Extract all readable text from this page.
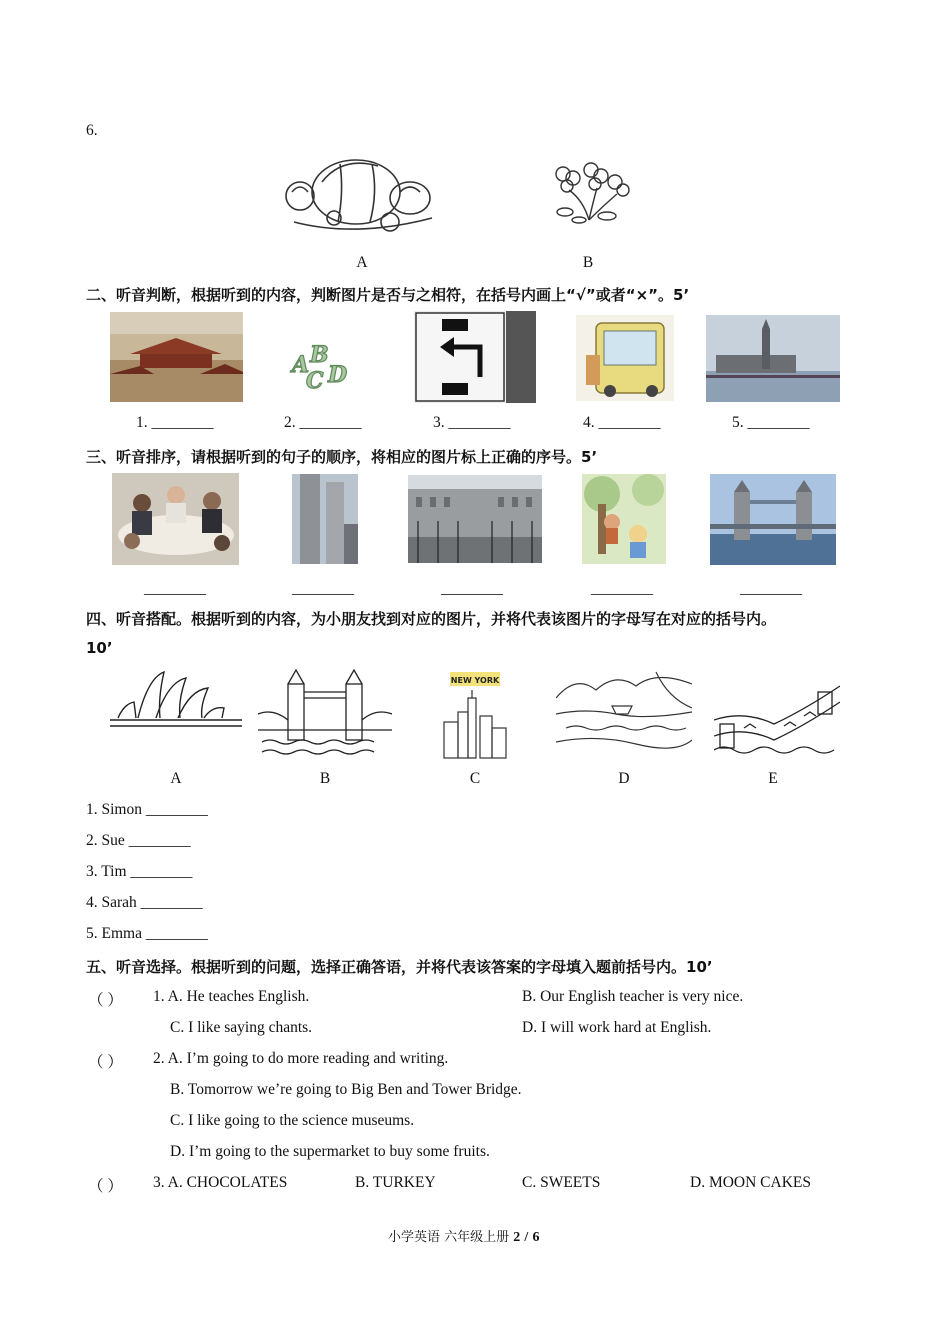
6.
A	B
二、听音判断，根据听到的内容，判断图片是否与之相符，在括号内画上“√”或者“×”。5’
A B
C D
1. ________	2. ________	3. ________	4. ________	5. ________
三、听音排序，请根据听到的句子的顺序，将相应的图片标上正确的序号。5’
________	________	________	________	________
四、听音搭配。根据听到的内容，为小朋友找到对应的图片，并将代表该图片的字母写在对应的括号内。
10’
NEW YORK
A	B	C	D	E
1. Simon ________
2. Sue ________
3. Tim ________
4. Sarah ________
5. Emma ________
五、听音选择。根据听到的问题，选择正确答语，并将代表该答案的字母填入题前括号内。10’
（ ） 1. A. He teaches English.	B. Our English teacher is very nice.
C. I like saying chants.	D. I will work hard at English.
（ ） 2. A. I’m going to do more reading and writing.
B. Tomorrow we’re going to Big Ben and Tower Bridge.
C. I like going to the science museums.
D. I’m going to the supermarket to buy some fruits.
（ ） 3. A. CHOCOLATES	B. TURKEY	C. SWEETS	D. MOON CAKES
小学英语 六年级上册 2 / 6
